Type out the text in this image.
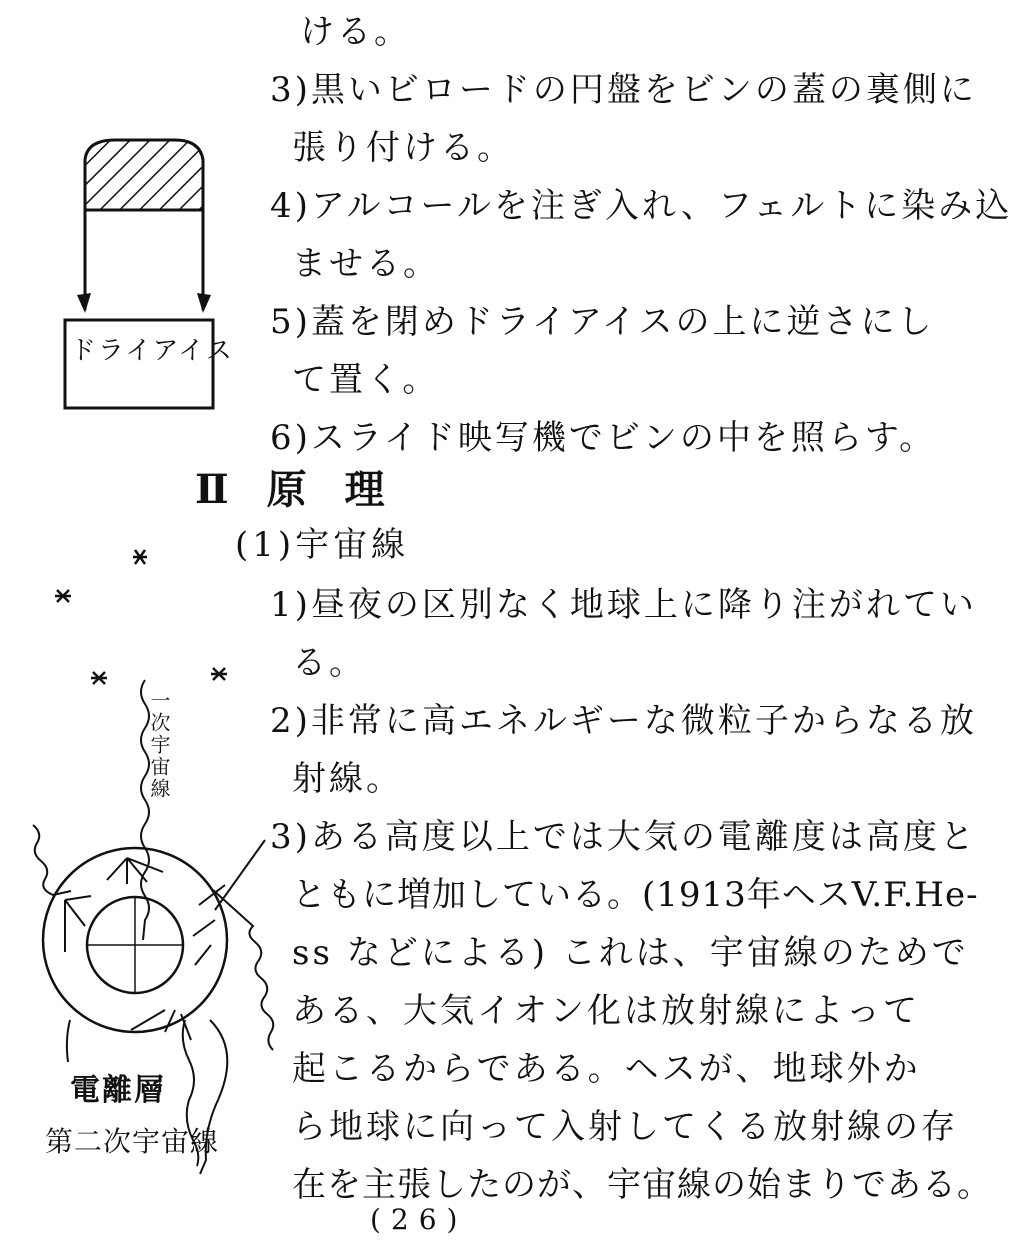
ドライアイス
ける。
3)黒いビロードの円盤をビンの蓋の裏側に
張り付ける。
4)アルコールを注ぎ入れ、フェルトに染み込
ませる。
5)蓋を閉めドライアイスの上に逆さにし
て置く。
6)スライド映写機でビンの中を照らす。
Ⅱ 原 理
(1)宇宙線
1)昼夜の区別なく地球上に降り注がれてい
る。
2)非常に高エネルギーな微粒子からなる放
射線。
3)ある高度以上では大気の電離度は高度と
ともに増加している。(1913年ヘスV.F.He-
ss などによる) これは、宇宙線のためで
ある、大気イオン化は放射線によって
起こるからである。ヘスが、地球外か
ら地球に向って入射してくる放射線の存
在を主張したのが、宇宙線の始まりである。
一次宇宙線
電離層
第二次宇宙線
(26)
